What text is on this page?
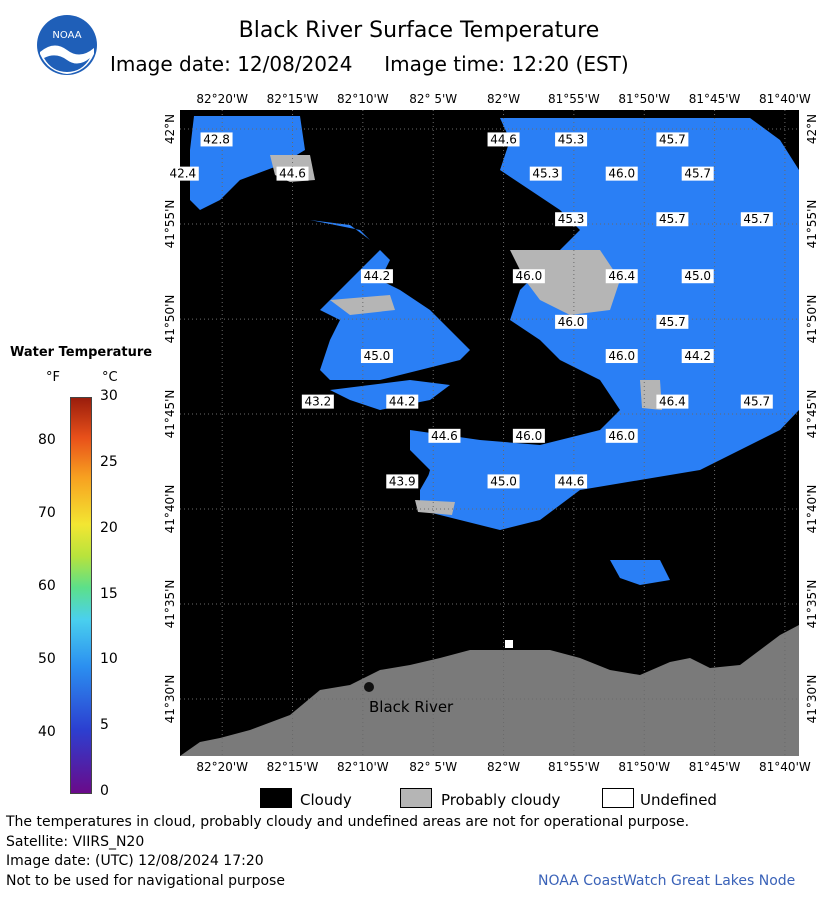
NOAA	Black River Surface Temperature
Image date: 12/08/2024     Image time: 12:20 (EST)
42.8	44.6	45.3	45.7
42.4	44.6	45.3	46.0	45.7
45.3	45.7	45.7
44.2	46.0	46.4	45.0
46.0	45.7
45.0	46.0	44.2
43.2	44.2	46.4	45.7
44.6	46.0	46.0
43.9	45.0	44.6
Black River
Water Temperature
°F	°C
Cloudy	Probably cloudy	Undefined
The temperatures in cloud, probably cloudy and undefined areas are not for operational purpose.
Satellite: VIIRS_N20
Image date: (UTC) 12/08/2024 17:20
Not to be used for navigational purpose	NOAA CoastWatch Great Lakes Node
82°20'W
82°20'W
82°15'W
82°15'W
82°10'W
82°10'W
82° 5'W
82° 5'W
82°W
82°W
81°55'W
81°55'W
81°50'W
81°50'W
81°45'W
81°45'W
81°40'W
81°40'W
42°N	42°N
41°55'N	41°55'N
41°50'N	41°50'N
41°45'N	41°45'N
41°40'N	41°40'N
41°35'N	41°35'N
41°30'N	41°30'N
30
25
20
15
10
5
0
80
70
60
50
40
